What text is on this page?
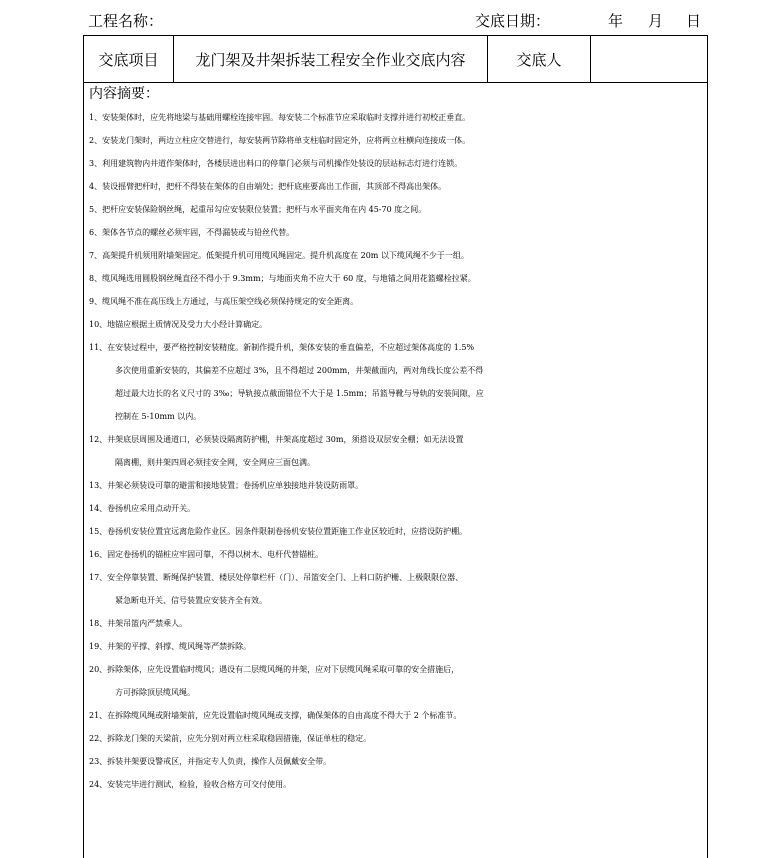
工程名称：	交底日期：	年 月 日
交底项目	龙门架及井架拆装工程安全作业交底内容	交底人
内容摘要：
1、安装架体时，应先将地梁与基础用螺栓连接牢固。每安装二个标准节应采取临时支撑并进行初校正垂直。
2、安装龙门架时，两边立柱应交替进行，每安装两节除将单支柱临时固定外，应将两立柱横向连接成一体。
3、利用建筑物内井道作架体时，各楼层进出料口的停靠门必须与司机操作处装设的层站标志灯进行连锁。
4、装设摇臂把杆时，把杆不得装在架体的自由端处；把杆底座要高出工作面，其顶部不得高出架体。
5、把杆应安装保险钢丝绳，起重吊勾应安装限位装置；把杆与水平面夹角在内 45-70 度之间。
6、架体各节点的螺丝必须牢固，不得漏装或与铅丝代替。
7、高架提升机须用附墙架固定。低架提升机可用缆风绳固定。提升机高度在 20m 以下缆风绳不少于一组。
8、缆风绳选用圆股钢丝绳直径不得小于 9.3mm；与地面夹角不应大于 60 度，与地锚之间用花篮螺栓拉紧。
9、缆风绳不准在高压线上方通过，与高压架空线必须保持规定的安全距离。
10、地锚应根据土质情况及受力大小经计算确定。
11、在安装过程中，要严格控制安装精度。新制作提升机，架体安装的垂直偏差，不应超过架体高度的 1.5%
多次使用重新安装的，其偏差不应超过 3%，且不得超过 200mm，井架截面内，两对角线长度公差不得
超过最大边长的名义尺寸的 3‰；导轨接点截面错位不大于是 1.5mm；吊篮导靴与导轨的安装间隙，应
控制在 5-10mm 以内。
12、井架底层周围及通道口，必须装设隔离防护棚，井架高度超过 30m，须搭设双层安全棚；如无法设置
隔离棚，则井架四周必须挂安全网，安全网应三面包满。
13、井架必须装设可靠的避雷和接地装置；卷扬机应单独接地并装设防雨罩。
14、卷扬机应采用点动开关。
15、卷扬机安装位置宜远离危险作业区。因条件限制卷扬机安装位置距施工作业区较近时，应搭设防护棚。
16、固定卷扬机的锚桩应牢固可靠，不得以树木、电杆代替锚桩。
17、安全停靠装置、断绳保护装置、楼层处停靠栏杆（门）、吊篮安全门、上料口防护栅、上极限限位器、
紧急断电开关、信号装置应安装齐全有效。
18、井架吊篮内严禁乘人。
19、井架的平撑、斜撑、缆风绳等严禁拆除。
20、拆除架体，应先设置临时缆风；遇设有二层缆风绳的井架，应对下层缆风绳采取可靠的安全措施后，
方可拆除顶层缆风绳。
21、在拆除缆风绳或附墙架前，应先设置临时缆风绳或支撑，确保架体的自由高度不得大于 2 个标准节。
22、拆除龙门架的天梁前，应先分别对两立柱采取稳固措施，保证单柱的稳定。
23、拆装井架要设警戒区，并指定专人负责，操作人员佩戴安全带。
24、安装完毕进行测试，检验，验收合格方可交付使用。
